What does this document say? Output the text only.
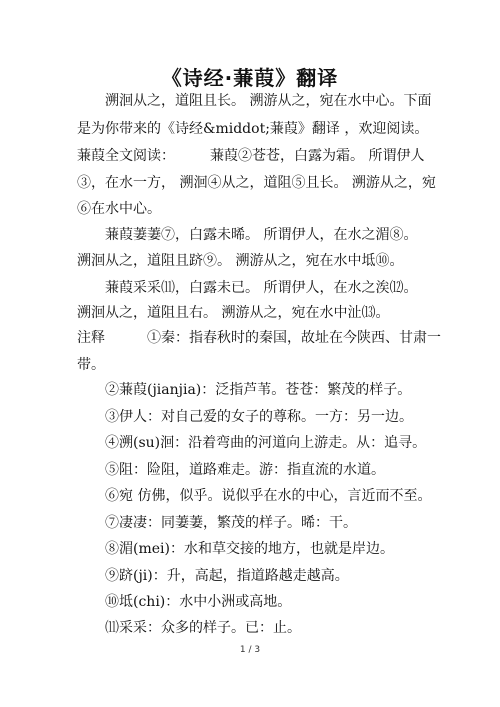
《诗经·蒹葭》翻译
　　溯洄从之，道阻且长。 溯游从之，宛在水中心。下面
是为你带来的《诗经&middot;蒹葭》翻译 ，欢迎阅读。
蒹葭全文阅读：　　　蒹葭②苍苍，白露为霜。 所谓伊人
③，在水一方， 溯洄④从之，道阻⑤且长。 溯游从之，宛
⑥在水中心。
　　蒹葭萋萋⑦，白露未晞。 所谓伊人，在水之湄⑧。
溯洄从之，道阻且跻⑨。 溯游从之，宛在水中坻⑩。
　　蒹葭采采⑾，白露未已。 所谓伊人，在水之涘⑿。
溯洄从之，道阻且右。 溯游从之，宛在水中沚⒀。
注释　　　①秦：指春秋时的秦国，故址在今陕西、甘肃一
带。
　　②蒹葭(jianjia)：泛指芦苇。苍苍：繁茂的样子。
　　③伊人：对自己爱的女子的尊称。一方：另一边。
　　④溯(su)洄：沿着弯曲的河道向上游走。从：追寻。
　　⑤阻：险阻，道路难走。游：指直流的水道。
　　⑥宛 仿佛，似乎。说似乎在水的中心，言近而不至。
　　⑦凄凄：同萋萋，繁茂的样子。晞：干。
　　⑧湄(mei)：水和草交接的地方，也就是岸边。
　　⑨跻(ji)：升，高起，指道路越走越高。
　　⑩坻(chi)：水中小洲或高地。
　　⑾采采：众多的样子。已：止。
1 / 3
